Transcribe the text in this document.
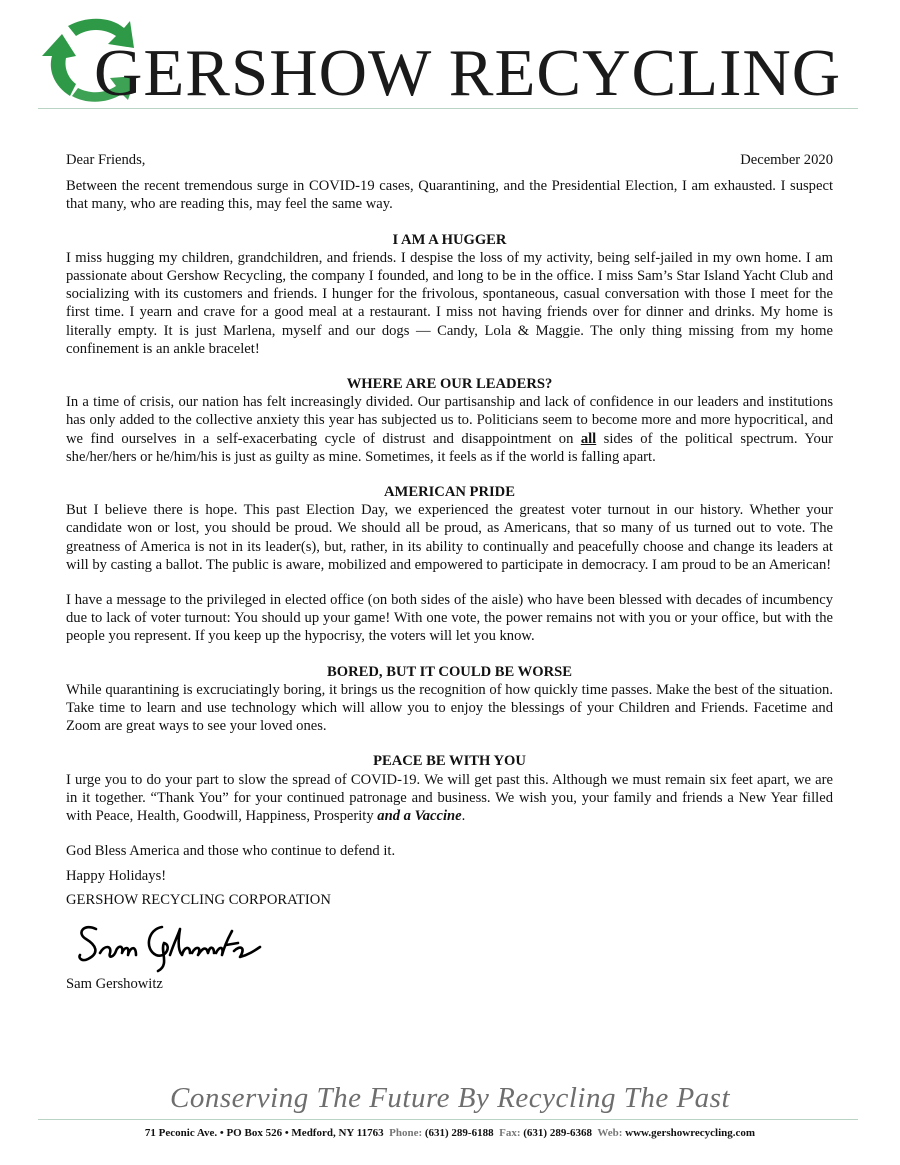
GERSHOW RECYCLING
Dear Friends,	December 2020

Between the recent tremendous surge in COVID-19 cases, Quarantining, and the Presidential Election, I am exhausted. I suspect that many, who are reading this, may feel the same way.

I AM A HUGGER

I miss hugging my children, grandchildren, and friends. I despise the loss of my activity, being self-jailed in my own home. I am passionate about Gershow Recycling, the company I founded, and long to be in the office. I miss Sam’s Star Island Yacht Club and socializing with its customers and friends. I hunger for the frivolous, spontaneous, casual conversation with those I meet for the first time. I yearn and crave for a good meal at a restaurant. I miss not having friends over for dinner and drinks. My home is literally empty. It is just Marlena, myself and our dogs — Candy, Lola & Maggie. The only thing missing from my home confinement is an ankle bracelet!

WHERE ARE OUR LEADERS?

In a time of crisis, our nation has felt increasingly divided. Our partisanship and lack of confidence in our leaders and institutions has only added to the collective anxiety this year has subjected us to. Politicians seem to become more and more hypocritical, and we find ourselves in a self-exacerbating cycle of distrust and disappointment on all sides of the political spectrum. Your she/her/hers or he/him/his is just as guilty as mine. Sometimes, it feels as if the world is falling apart.

AMERICAN PRIDE

But I believe there is hope. This past Election Day, we experienced the greatest voter turnout in our history. Whether your candidate won or lost, you should be proud. We should all be proud, as Americans, that so many of us turned out to vote. The greatness of America is not in its leader(s), but, rather, in its ability to continually and peacefully choose and change its leaders at will by casting a ballot. The public is aware, mobilized and empowered to participate in democracy. I am proud to be an American!

I have a message to the privileged in elected office (on both sides of the aisle) who have been blessed with decades of incumbency due to lack of voter turnout: You should up your game! With one vote, the power remains not with you or your office, but with the people you represent. If you keep up the hypocrisy, the voters will let you know.

BORED, BUT IT COULD BE WORSE

While quarantining is excruciatingly boring, it brings us the recognition of how quickly time passes. Make the best of the situation. Take time to learn and use technology which will allow you to enjoy the blessings of your Children and Friends. Facetime and Zoom are great ways to see your loved ones.

PEACE BE WITH YOU

I urge you to do your part to slow the spread of COVID-19. We will get past this. Although we must remain six feet apart, we are in it together. “Thank You” for your continued patronage and business. We wish you, your family and friends a New Year filled with Peace, Health, Goodwill, Happiness, Prosperity and a Vaccine.

God Bless America and those who continue to defend it.

Happy Holidays!

GERSHOW RECYCLING CORPORATION

Sam Gershowitz

Conserving The Future By Recycling The Past
71 Peconic Ave. • PO Box 526 • Medford, NY 11763 Phone: (631) 289-6188 Fax: (631) 289-6368 Web: www.gershowrecycling.com
